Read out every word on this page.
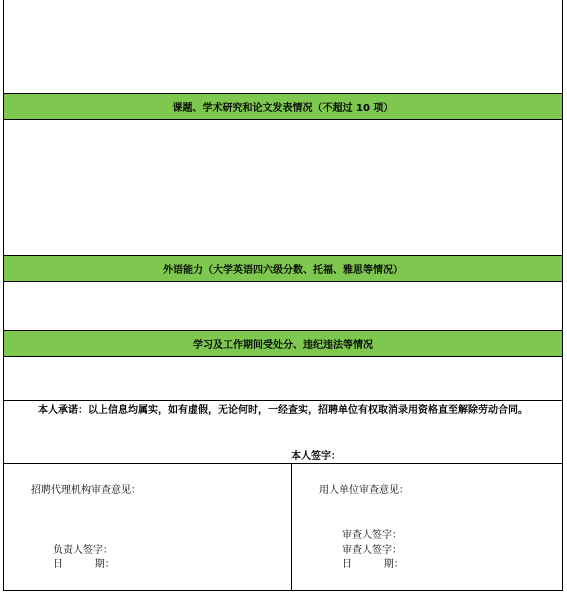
课题、学术研究和论文发表情况（不超过 10 项）
外语能力（大学英语四六级分数、托福、雅思等情况）
学习及工作期间受处分、违纪违法等情况
本人承诺：以上信息均属实，如有虚假，无论何时，一经查实，招聘单位有权取消录用资格直至解除劳动合同。
本人签字：
招聘代理机构审查意见：
负责人签字：
日          期：
用人单位审查意见：
审查人签字：
审查人签字：
日          期：
